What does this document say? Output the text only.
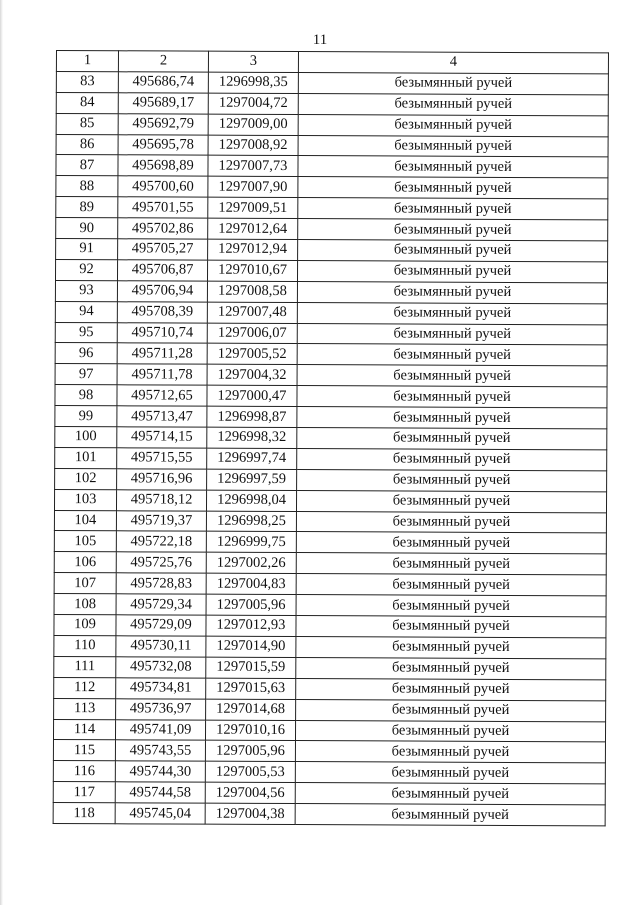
11
1	2	3	4
83	495686,74	1296998,35	безымянный ручей
84	495689,17	1297004,72	безымянный ручей
85	495692,79	1297009,00	безымянный ручей
86	495695,78	1297008,92	безымянный ручей
87	495698,89	1297007,73	безымянный ручей
88	495700,60	1297007,90	безымянный ручей
89	495701,55	1297009,51	безымянный ручей
90	495702,86	1297012,64	безымянный ручей
91	495705,27	1297012,94	безымянный ручей
92	495706,87	1297010,67	безымянный ручей
93	495706,94	1297008,58	безымянный ручей
94	495708,39	1297007,48	безымянный ручей
95	495710,74	1297006,07	безымянный ручей
96	495711,28	1297005,52	безымянный ручей
97	495711,78	1297004,32	безымянный ручей
98	495712,65	1297000,47	безымянный ручей
99	495713,47	1296998,87	безымянный ручей
100	495714,15	1296998,32	безымянный ручей
101	495715,55	1296997,74	безымянный ручей
102	495716,96	1296997,59	безымянный ручей
103	495718,12	1296998,04	безымянный ручей
104	495719,37	1296998,25	безымянный ручей
105	495722,18	1296999,75	безымянный ручей
106	495725,76	1297002,26	безымянный ручей
107	495728,83	1297004,83	безымянный ручей
108	495729,34	1297005,96	безымянный ручей
109	495729,09	1297012,93	безымянный ручей
110	495730,11	1297014,90	безымянный ручей
111	495732,08	1297015,59	безымянный ручей
112	495734,81	1297015,63	безымянный ручей
113	495736,97	1297014,68	безымянный ручей
114	495741,09	1297010,16	безымянный ручей
115	495743,55	1297005,96	безымянный ручей
116	495744,30	1297005,53	безымянный ручей
117	495744,58	1297004,56	безымянный ручей
118	495745,04	1297004,38	безымянный ручей
